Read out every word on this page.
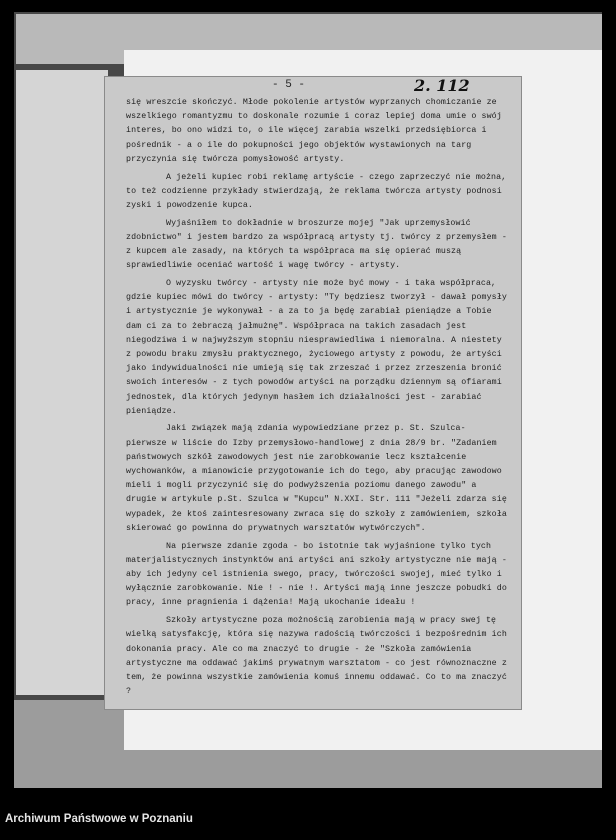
- 5 -	2. 112

się wreszcie skończyć. Młode pokolenie artystów wyprzanych chomiczanie ze wszelkiego romantyzmu to doskonale rozumie i coraz lepiej doma umie o swój interes, bo ono widzi to, o ile więcej zarabia wszelki przedsiębiorca i pośrednik - a o ile do pokupności jego objektów wystawionych na targ przyczynia się twórcza pomysłowość artysty.

A jeżeli kupiec robi reklamę artyście - czego zaprzeczyć nie można, to też codzienne przykłady stwierdzają, że reklama twórcza artysty podnosi zyski i powodzenie kupca.

Wyjaśniłem to dokładnie w broszurze mojej "Jak uprzemysłowić zdobnictwo" i jestem bardzo za współpracą artysty tj. twórcy z przemysłem - z kupcem ale zasady, na których ta współpraca ma się opierać muszą sprawiedliwie oceniać wartość i wagę twórcy - artysty.

O wyzysku twórcy - artysty nie może być mowy - i taka współpraca, gdzie kupiec mówi do twórcy - artysty: "Ty będziesz tworzył - dawał pomysły i artystycznie je wykonywał - a za to ja będę zarabiał pieniądze a Tobie dam ci za to żebraczą jałmużnę". Współpraca na takich zasadach jest niegodziwa i w najwyższym stopniu niesprawiedliwa i niemoralna. A niestety z powodu braku zmysłu praktycznego, życiowego artysty z powodu, że artyści jako indywidualności nie umieją się tak zrzeszać i przez zrzeszenia bronić swoich interesów - z tych powodów artyści na porządku dziennym są ofiarami jednostek, dla których jedynym hasłem ich działalności jest - zarabiać pieniądze.

Jaki związek mają zdania wypowiedziane przez p. St. Szulca- pierwsze w liście do Izby przemysłowo-handlowej z dnia 28/9 br. "Zadaniem państwowych szkół zawodowych jest nie zarobkowanie lecz kształcenie wychowanków, a mianowicie przygotowanie ich do tego, aby pracując zawodowo mieli i mogli przyczynić się do podwyższenia poziomu danego zawodu" a drugie w artykule p.St. Szulca w "Kupcu" N.XXI. Str. 111 "Jeżeli zdarza się wypadek, że ktoś zaintesresowany zwraca się do szkoły z zamówieniem, szkoła skierować go powinna do prywatnych warsztatów wytwórczych".

Na pierwsze zdanie zgoda - bo istotnie tak wyjaśnione tylko tych materjalistycznych instynktów ani artyści ani szkoły artystyczne nie mają - aby ich jedyny cel istnienia swego, pracy, twórczości swojej, mieć tylko i wyłącznie zarobkowanie. Nie ! - nie !. Artyści mają inne jeszcze pobudki do pracy, inne pragnienia i dążenia! Mają ukochanie ideału !

Szkoły artystyczne poza możnością zarobienia mają w pracy swej tę wielką satysfakcję, która się nazywa radością twórczości i bezpośrednim ich dokonania pracy. Ale co ma znaczyć to drugie - że "Szkoła zamówienia artystyczne ma oddawać jakimś prywatnym warsztatom - co jest równoznaczne z tem, że powinna wszystkie zamówienia komuś innemu oddawać. Co to ma znaczyć ?

Archiwum Państwowe w Poznaniu
